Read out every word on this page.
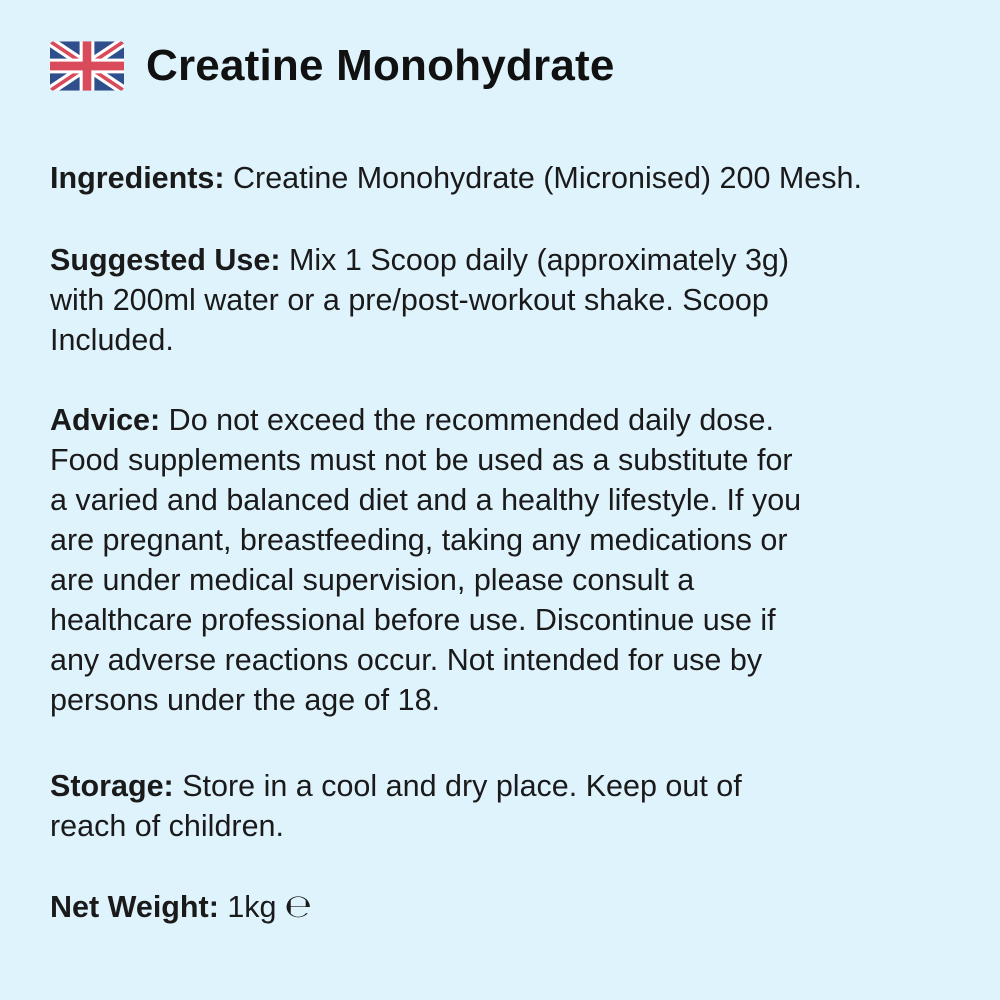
Creatine Monohydrate

Ingredients: Creatine Monohydrate (Micronised) 200 Mesh.

Suggested Use: Mix 1 Scoop daily (approximately 3g)
with 200ml water or a pre/post-workout shake. Scoop
Included.

Advice: Do not exceed the recommended daily dose.
Food supplements must not be used as a substitute for
a varied and balanced diet and a healthy lifestyle. If you
are pregnant, breastfeeding, taking any medications or
are under medical supervision, please consult a
healthcare professional before use. Discontinue use if
any adverse reactions occur. Not intended for use by
persons under the age of 18.

Storage: Store in a cool and dry place. Keep out of
reach of children.

Net Weight: 1kg ℮
